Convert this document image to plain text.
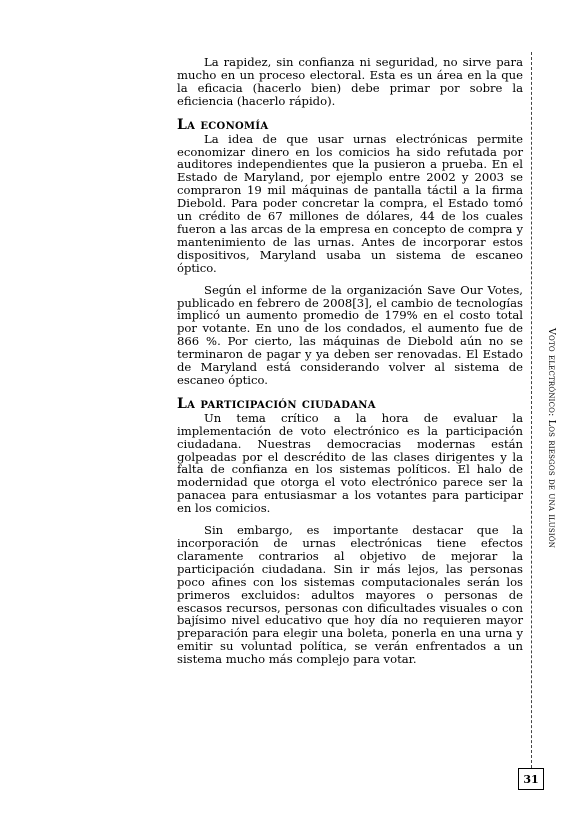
La rapidez, sin confianza ni seguridad, no sirve para mucho en un proceso electoral. Esta es un área en la que la eficacia (hacerlo bien) debe primar por sobre la eficiencia (hacerlo rápido).

La economía

La idea de que usar urnas electrónicas permite economizar dinero en los comicios ha sido refutada por auditores independientes que la pusieron a prueba. En el Estado de Maryland, por ejemplo entre 2002 y 2003 se compraron 19 mil máquinas de pantalla táctil a la firma Diebold. Para poder concretar la compra, el Estado tomó un crédito de 67 millones de dólares, 44 de los cuales fueron a las arcas de la empresa en concepto de compra y mantenimiento de las urnas. Antes de incorporar estos dispositivos, Maryland usaba un sistema de escaneo óptico.

Según el informe de la organización Save Our Votes, publicado en febrero de 2008[3], el cambio de tecnologías implicó un aumento promedio de 179% en el costo total por votante. En uno de los condados, el aumento fue de 866 %. Por cierto, las máquinas de Diebold aún no se terminaron de pagar y ya deben ser renovadas. El Estado de Maryland está considerando volver al sistema de escaneo óptico.

La participación ciudadana

Un tema crítico a la hora de evaluar la implementación de voto electrónico es la participación ciudadana. Nuestras democracias modernas están golpeadas por el descrédito de las clases dirigentes y la falta de confianza en los sistemas políticos. El halo de modernidad que otorga el voto electrónico parece ser la panacea para entusiasmar a los votantes para participar en los comicios.

Sin embargo, es importante destacar que la incorporación de urnas electrónicas tiene efectos claramente contrarios al objetivo de mejorar la participación ciudadana. Sin ir más lejos, las personas poco afines con los sistemas computacionales serán los primeros excluidos: adultos mayores o personas de escasos recursos, personas con dificultades visuales o con bajísimo nivel educativo que hoy día no requieren mayor preparación para elegir una boleta, ponerla en una urna y emitir su voluntad política, se verán enfrentados a un sistema mucho más complejo para votar.

Voto electrónico: Los riesgos de una ilusión
31
